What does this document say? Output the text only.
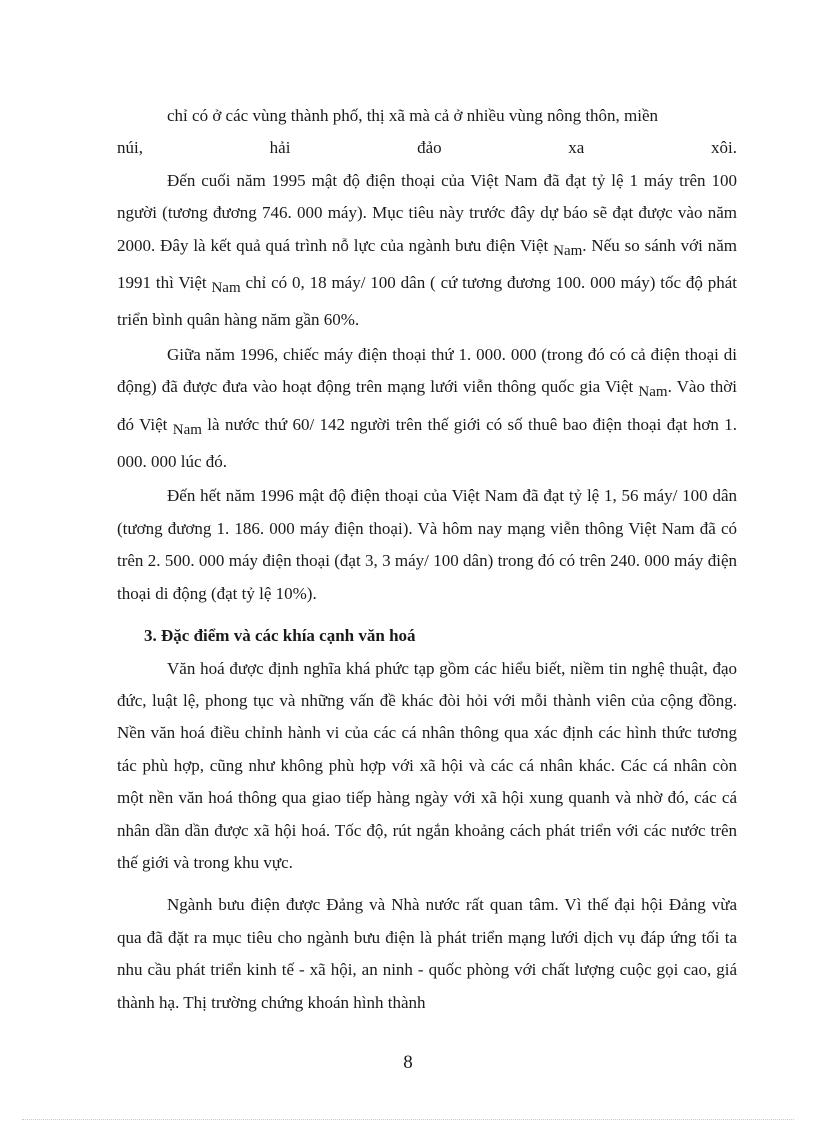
chỉ có ở các vùng thành phố, thị xã mà cả ở nhiều vùng nông thôn, miền

núi, hải đảo xa xôi.

Đến cuối năm 1995 mật độ điện thoại của Việt Nam đã đạt tỷ lệ 1 máy trên 100 người (tương đương 746. 000 máy). Mục tiêu này trước đây dự báo sẽ đạt được vào năm 2000. Đây là kết quả quá trình nỗ lực của ngành bưu điện Việt Nam. Nếu so sánh với năm 1991 thì Việt Nam chỉ có 0, 18 máy/ 100 dân ( cứ tương đương 100. 000 máy) tốc độ phát triển bình quân hàng năm gần 60%.

Giữa năm 1996, chiếc máy điện thoại thứ 1. 000. 000 (trong đó có cả điện thoại di động) đã được đưa vào hoạt động trên mạng lưới viễn thông quốc gia Việt Nam. Vào thời đó Việt Nam là nước thứ 60/ 142 người trên thế giới có số thuê bao điện thoại đạt hơn 1. 000. 000 lúc đó.

Đến hết năm 1996 mật độ điện thoại của Việt Nam đã đạt tỷ lệ 1, 56 máy/ 100 dân (tương đương 1. 186. 000 máy điện thoại). Và hôm nay mạng viễn thông Việt Nam đã có trên 2. 500. 000 máy điện thoại (đạt 3, 3 máy/ 100 dân) trong đó có trên 240. 000 máy điện thoại di động (đạt tỷ lệ 10%).

3. Đặc điểm và các khía cạnh văn hoá

Văn hoá được định nghĩa khá phức tạp gồm các hiểu biết, niềm tin nghệ thuật, đạo đức, luật lệ, phong tục và những vấn đề khác đòi hỏi với mỗi thành viên của cộng đồng. Nền văn hoá điều chỉnh hành vi của các cá nhân thông qua xác định các hình thức tương tác phù hợp, cũng như không phù hợp với xã hội và các cá nhân khác. Các cá nhân còn một nền văn hoá thông qua giao tiếp hàng ngày với xã hội xung quanh và nhờ đó, các cá nhân dần dần được xã hội hoá. Tốc độ, rút ngắn khoảng cách phát triển với các nước trên thế giới và trong khu vực.

Ngành bưu điện được Đảng và Nhà nước rất quan tâm. Vì thế đại hội Đảng vừa qua đã đặt ra mục tiêu cho ngành bưu điện là phát triển mạng lưới dịch vụ đáp ứng tối ta nhu cầu phát triển kinh tế - xã hội, an ninh - quốc phòng với chất lượng cuộc gọi cao, giá thành hạ. Thị trường chứng khoán hình thành

8
